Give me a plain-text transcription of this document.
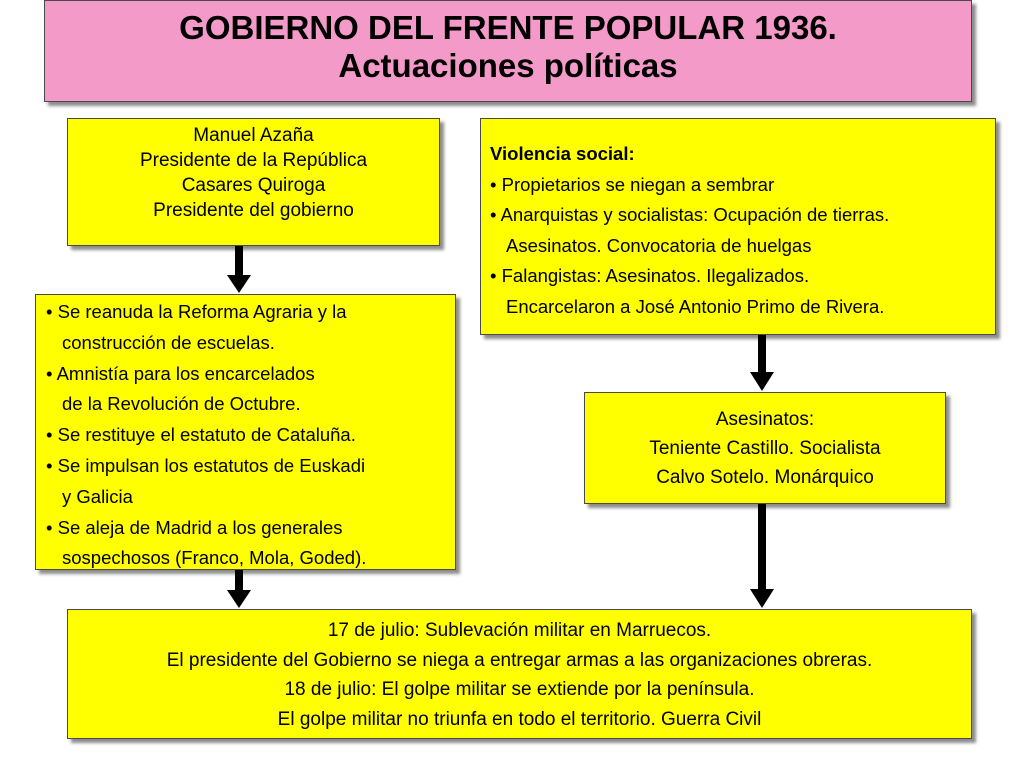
GOBIERNO DEL FRENTE POPULAR 1936.
Actuaciones políticas
Manuel Azaña
Presidente de la República
Casares Quiroga
Presidente del gobierno
Violencia social:
• Propietarios se niegan a sembrar
• Anarquistas y socialistas: Ocupación de tierras.
Asesinatos. Convocatoria de huelgas
• Falangistas: Asesinatos. Ilegalizados.
Encarcelaron a José Antonio Primo de Rivera.
• Se reanuda la Reforma Agraria y la
construcción de escuelas.
• Amnistía para los encarcelados
de la Revolución de Octubre.
• Se restituye el estatuto de Cataluña.
• Se impulsan los estatutos de Euskadi
y Galicia
• Se aleja de Madrid a los generales
sospechosos (Franco, Mola, Goded).
Asesinatos:
Teniente Castillo. Socialista
Calvo Sotelo. Monárquico
17 de julio: Sublevación militar en Marruecos.
El presidente del Gobierno se niega a entregar armas a las organizaciones obreras.
18 de julio: El golpe militar se extiende por la península.
El golpe militar no triunfa en todo el territorio. Guerra Civil
